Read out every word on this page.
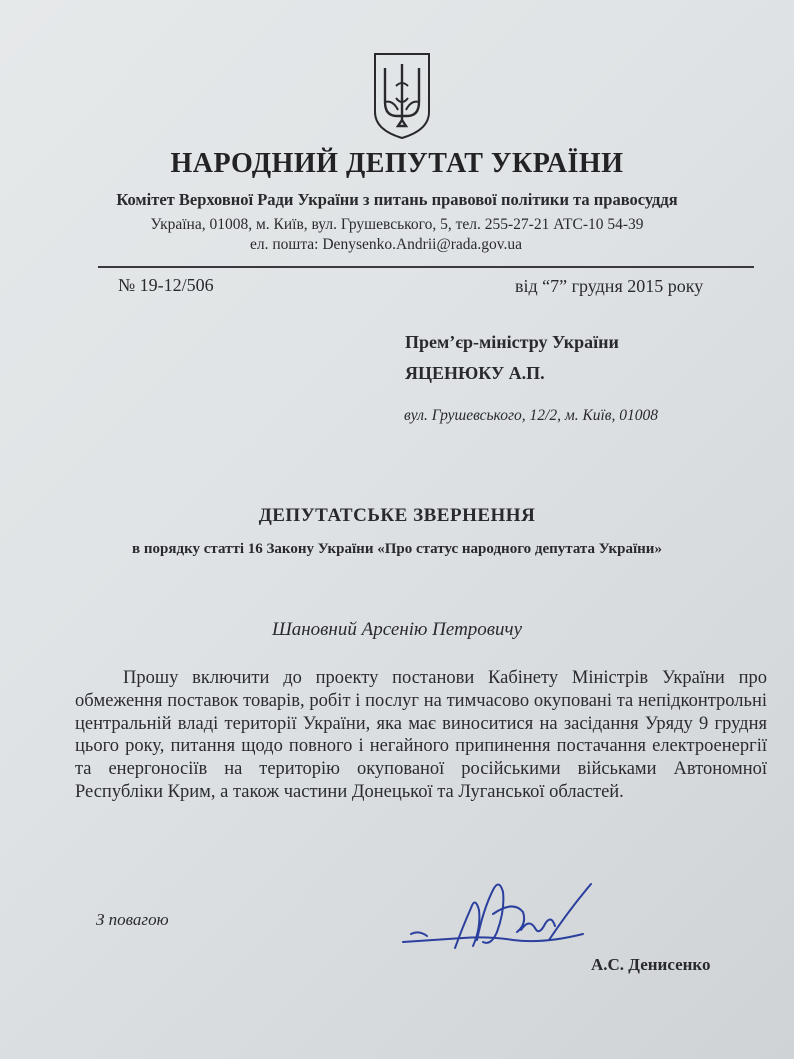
НАРОДНИЙ ДЕПУТАТ УКРАЇНИ
Комітет Верховної Ради України з питань правової політики та правосуддя
Україна, 01008, м. Київ, вул. Грушевського, 5, тел. 255-27-21 АТС-10 54-39
ел. пошта: Denysenko.Andrii@rada.gov.ua
№ 19-12/506	від “7” грудня 2015 року
Прем’єр-міністру України
ЯЦЕНЮКУ А.П.
вул. Грушевського, 12/2, м. Київ, 01008
ДЕПУТАТСЬКЕ ЗВЕРНЕННЯ
в порядку статті 16 Закону України «Про статус народного депутата України»
Шановний Арсенію Петровичу
Прошу включити до проекту постанови Кабінету Міністрів України про обмеження поставок товарів, робіт і послуг на тимчасово окуповані та непідконтрольні центральній владі території України, яка має виноситися на засідання Уряду 9 грудня цього року, питання щодо повного і негайного припинення постачання електроенергії та енергоносіїв на територію окупованої російськими військами Автономної Республіки Крим, а також частини Донецької та Луганської областей.
З повагою
А.С. Денисенко
